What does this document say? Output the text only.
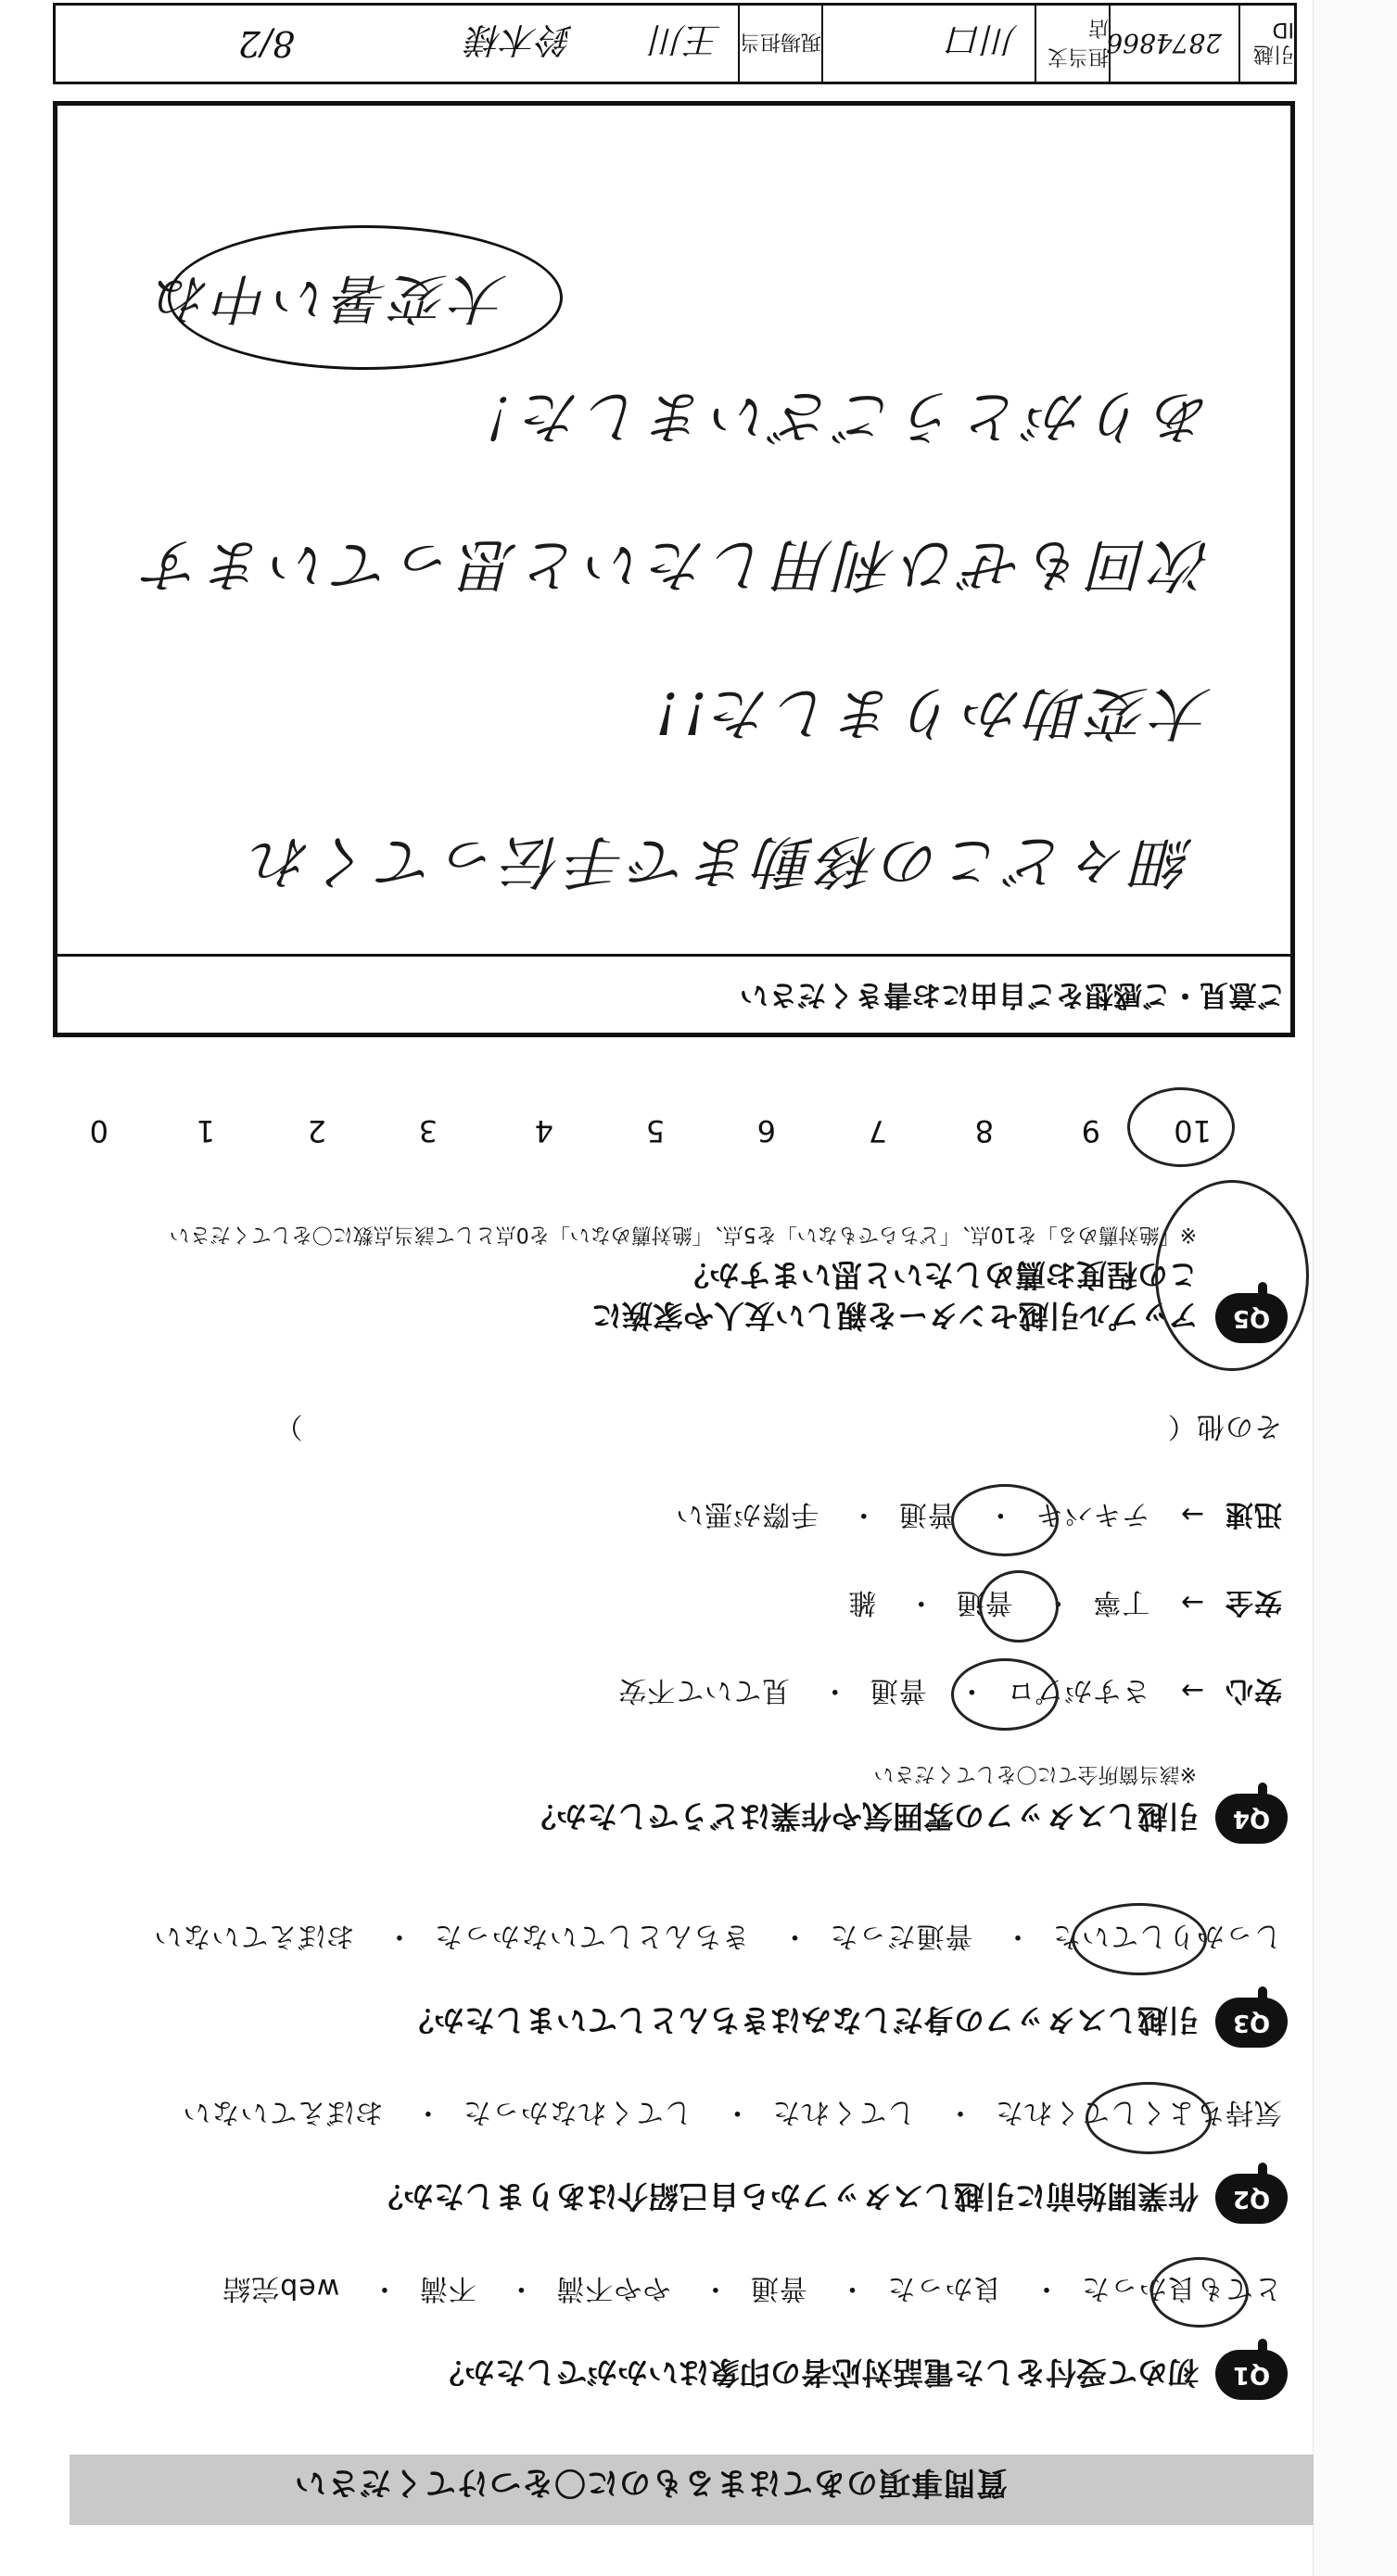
質問事項のあてはまるものに〇をつけてください
Q1
初めて受付をした電話対応者の印象はいかがでしたか？
とても良かった・ 良かった・ 普通・ やや不満・ 不満・ web完結
Q2
作業開始前に引越しスタッフから自己紹介はありましたか？
気持ちよくしてくれた・ してくれた・ してくれなかった・ おぼえていない
Q3
引越しスタッフの身だしなみはきちんとしていましたか？
しっかりしていた・ 普通だった・ きちんとしていなかった・ おぼえていない
Q4
引越しスタッフの雰囲気や作業はどうでしたか？
※該当箇所全てに〇をしてください
安心→ さすがプロ・ 普通・ 見ていて不安
安全→ 丁寧・ 普通・ 雑
迅速→ テキパキ・ 普通・ 手際が悪い
その他（ ）
Q5
アップル引越センターを親しい友人や家族に
この程度お薦めしたいと思いますか？
※「絶対薦める」を10点、「どちらでもない」を5点、「絶対薦めない」を0点として該当点数に〇をしてください
10
9
8
7
6
5
4
3
2
1
0
ご意見・ご感想をご自由にお書きください
細々どこの移動まで手伝ってくれ
大変助かりました!!
次回もぜひ利用したいと思っています
ありがとうございました！
大変暑い中ね
引越ID
2874866
担当支店
川口
現場担当
王川
鈴木様
8/2
